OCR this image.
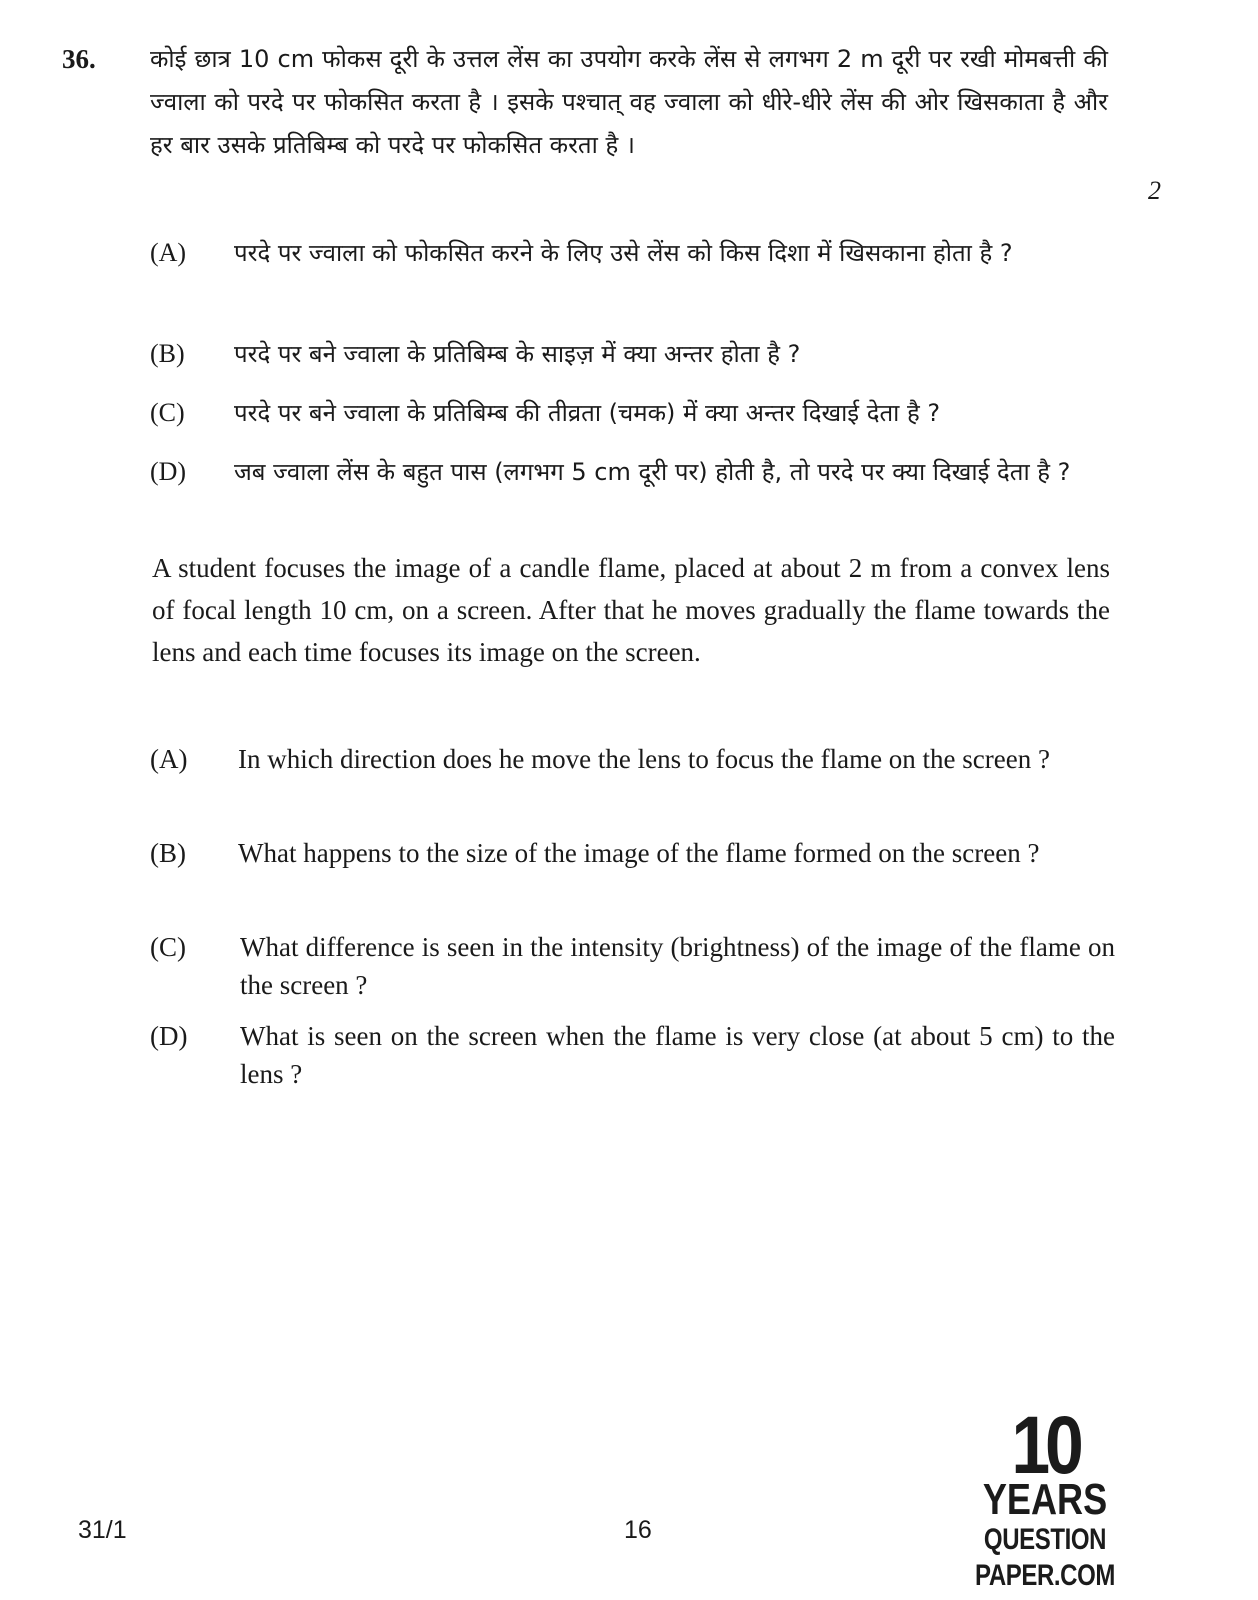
36.
2
कोई छात्र 10 cm फोकस दूरी के उत्तल लेंस का उपयोग करके लेंस से लगभग 2 m दूरी पर रखी मोमबत्ती की ज्वाला को परदे पर फोकसित करता है । इसके पश्चात् वह ज्वाला को धीरे-धीरे लेंस की ओर खिसकाता है और हर बार उसके प्रतिबिम्ब को परदे पर फोकसित करता है ।
(A) परदे पर ज्वाला को फोकसित करने के लिए उसे लेंस को किस दिशा में खिसकाना होता है ?
(B) परदे पर बने ज्वाला के प्रतिबिम्ब के साइज़ में क्या अन्तर होता है ?
(C) परदे पर बने ज्वाला के प्रतिबिम्ब की तीव्रता (चमक) में क्या अन्तर दिखाई देता है ?
(D) जब ज्वाला लेंस के बहुत पास (लगभग 5 cm दूरी पर) होती है, तो परदे पर क्या दिखाई देता है ?
A student focuses the image of a candle flame, placed at about 2 m from a convex lens of focal length 10 cm, on a screen. After that he moves gradually the flame towards the lens and each time focuses its image on the screen.
(A) In which direction does he move the lens to focus the flame on the screen ?
(B) What happens to the size of the image of the flame formed on the screen ?
(C) What difference is seen in the intensity (brightness) of the image of the flame on the screen ?
(D) What is seen on the screen when the flame is very close (at about 5 cm) to the lens ?
31/1	16
10
YEARS
QUESTION PAPER.COM
